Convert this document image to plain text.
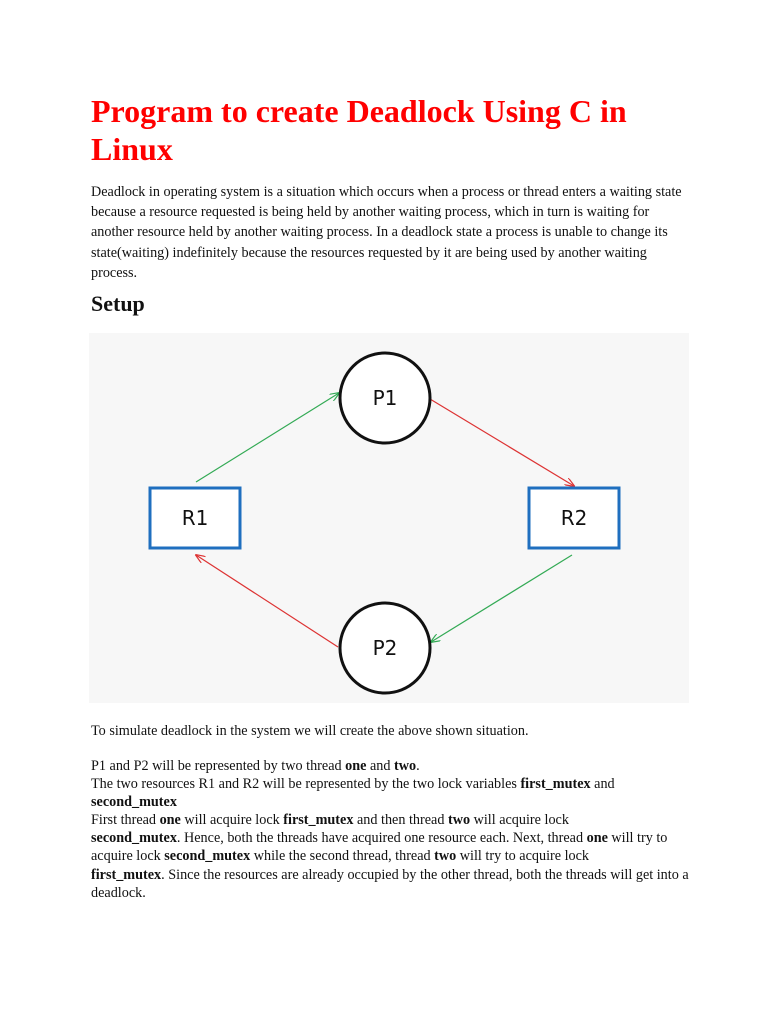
Program to create Deadlock Using C in Linux

Deadlock in operating system is a situation which occurs when a process or thread enters a waiting state because a resource requested is being held by another waiting process, which in turn is waiting for another resource held by another waiting process. In a deadlock state a process is unable to change its state(waiting) indefinitely because the resources requested by it are being used by another waiting process.

Setup
P1
P2
R1	R2

To simulate deadlock in the system we will create the above shown situation.

P1 and P2 will be represented by two thread one and two.
The two resources R1 and R2 will be represented by the two lock variables first_mutex and
second_mutex
First thread one will acquire lock first_mutex and then thread two will acquire lock
second_mutex. Hence, both the threads have acquired one resource each. Next, thread one will try to acquire lock second_mutex while the second thread, thread two will try to acquire lock
first_mutex. Since the resources are already occupied by the other thread, both the threads will get into a deadlock.
